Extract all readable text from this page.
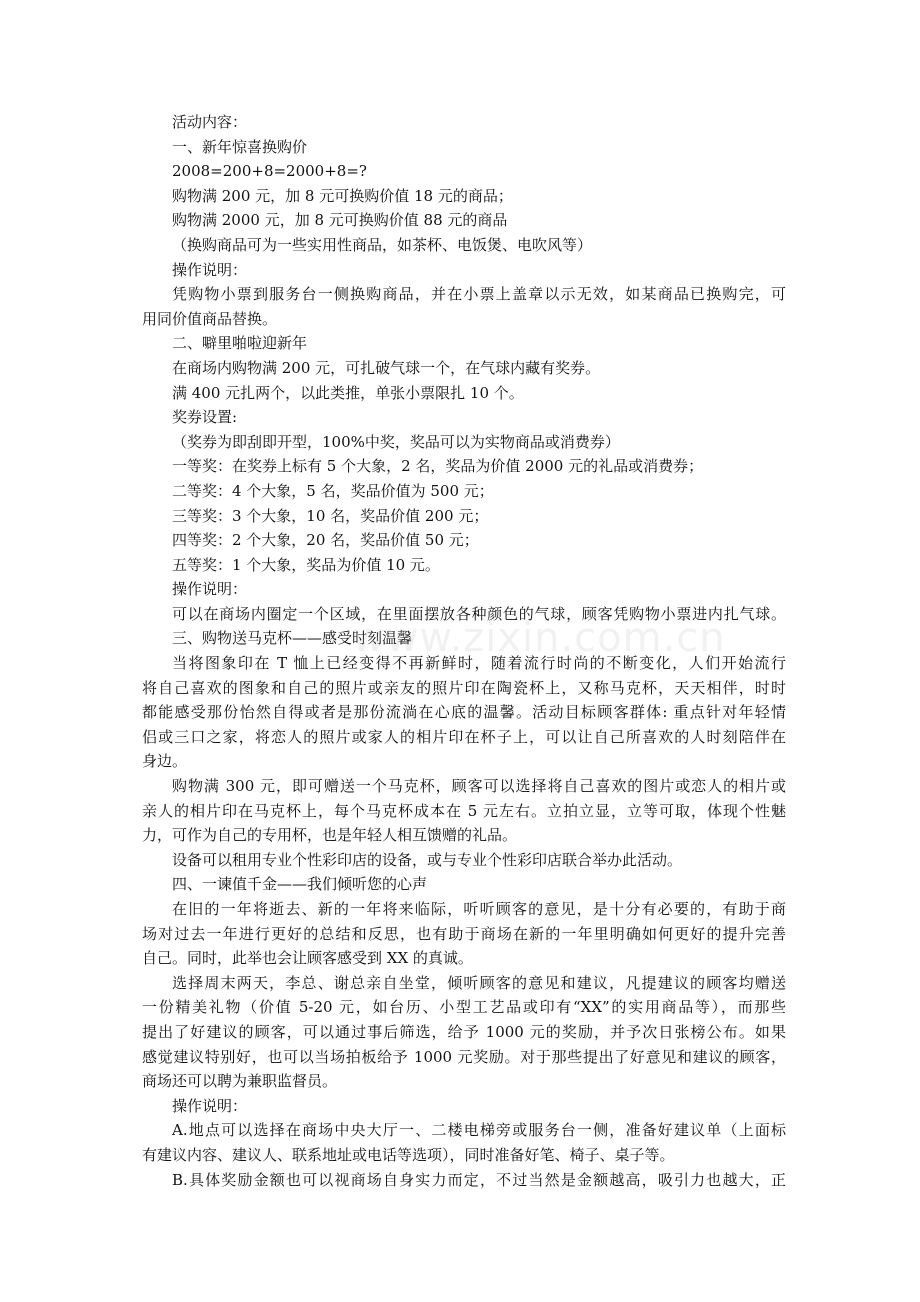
活动内容：
一、新年惊喜换购价
2008=200+8=2000+8=?
购物满 200 元，加 8 元可换购价值 18 元的商品；
购物满 2000 元，加 8 元可换购价值 88 元的商品
（换购商品可为一些实用性商品，如茶杯、电饭煲、电吹风等）
操作说明：
凭购物小票到服务台一侧换购商品，并在小票上盖章以示无效，如某商品已换购完，可
用同价值商品替换。
二、噼里啪啦迎新年
在商场内购物满 200 元，可扎破气球一个，在气球内藏有奖券。
满 400 元扎两个，以此类推，单张小票限扎 10 个。
奖券设置:
（奖券为即刮即开型，100%中奖，奖品可以为实物商品或消费券）
一等奖：在奖券上标有 5 个大象，2 名，奖品为价值 2000 元的礼品或消费券；
二等奖：4 个大象，5 名，奖品价值为 500 元；
三等奖：3 个大象，10 名，奖品价值 200 元；
四等奖：2 个大象，20 名，奖品价值 50 元；
五等奖：1 个大象，奖品为价值 10 元。
操作说明：
可以在商场内圈定一个区域，在里面摆放各种颜色的气球，顾客凭购物小票进内扎气球。
三、购物送马克杯——感受时刻温馨
当将图象印在 T 恤上已经变得不再新鲜时，随着流行时尚的不断变化，人们开始流行
将自己喜欢的图象和自己的照片或亲友的照片印在陶瓷杯上，又称马克杯，天天相伴，时时
都能感受那份怡然自得或者是那份流淌在心底的温馨。活动目标顾客群体: 重点针对年轻情
侣或三口之家，将恋人的照片或家人的相片印在杯子上，可以让自己所喜欢的人时刻陪伴在
身边。
购物满 300 元，即可赠送一个马克杯，顾客可以选择将自己喜欢的图片或恋人的相片或
亲人的相片印在马克杯上，每个马克杯成本在 5 元左右。立拍立显，立等可取，体现个性魅
力，可作为自己的专用杯，也是年轻人相互馈赠的礼品。
设备可以租用专业个性彩印店的设备，或与专业个性彩印店联合举办此活动。
四、一谏值千金——我们倾听您的心声
在旧的一年将逝去、新的一年将来临际，听听顾客的意见，是十分有必要的，有助于商
场对过去一年进行更好的总结和反思，也有助于商场在新的一年里明确如何更好的提升完善
自己。同时，此举也会让顾客感受到 XX 的真诚。
选择周末两天，李总、谢总亲自坐堂，倾听顾客的意见和建议，凡提建议的顾客均赠送
一份精美礼物（价值 5-20 元，如台历、小型工艺品或印有“XX”的实用商品等），而那些
提出了好建议的顾客，可以通过事后筛选，给予 1000 元的奖励，并予次日张榜公布。如果
感觉建议特别好，也可以当场拍板给予 1000 元奖励。对于那些提出了好意见和建议的顾客，
商场还可以聘为兼职监督员。
操作说明：
A.地点可以选择在商场中央大厅一、二楼电梯旁或服务台一侧，准备好建议单（上面标
有建议内容、建议人、联系地址或电话等选项），同时准备好笔、椅子、桌子等。
B.具体奖励金额也可以视商场自身实力而定，不过当然是金额越高，吸引力也越大，正
www.zixin.com.cn
